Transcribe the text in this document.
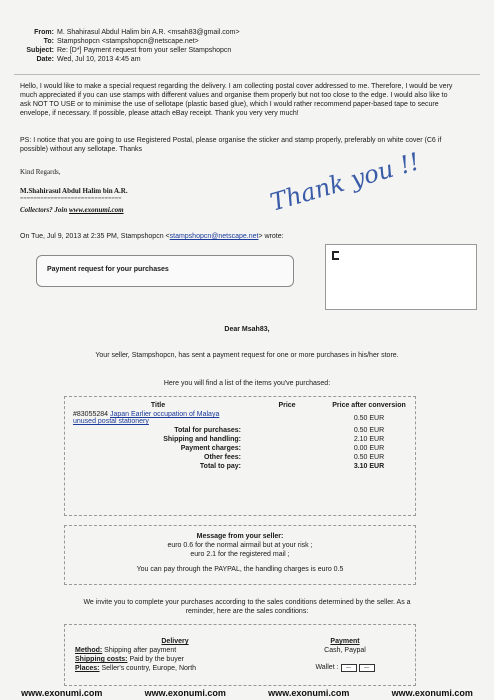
From: M. Shahirasul Abdul Halim bin A.R. <msah83@gmail.com>
To: Stampshopcn <stampshopcn@netscape.net>
Subject: Re: [D*] Payment request from your seller Stampshopcn
Date: Wed, Jul 10, 2013 4:45 am
Hello, I would like to make a special request regarding the delivery. I am collecting postal cover addressed to me. Therefore, I would be very much appreciated if you can use stamps with different values and organise them properly but not too close to the edge. I would also like to ask NOT TO USE or to minimise the use of sellotape (plastic based glue), which I would rather recommend paper-based tape to secure envelope, if necessary. If possible, please attach eBay receipt. Thank you very very much!
PS: I notice that you are going to use Registered Postal, please organise the sticker and stamp properly, preferably on white cover (C6 if possible) without any sellotape. Thanks
Kind Regards,
M.Shahirasul Abdul Halim bin A.R.
==============================
Collectors? Join www.exonumi.com	Thank you !!
On Tue, Jul 9, 2013 at 2:35 PM, Stampshopcn <stampshopcn@netscape.net> wrote:
Payment request for your purchases
Dear Msah83,
Your seller, Stampshopcn, has sent a payment request for one or more purchases in his/her store.
Here you will find a list of the items you've purchased:
Title	Price	Price after conversion
#83055284 Japan Earlier occupation of Malaya unused postal stationery		0.50 EUR
Total for purchases:		0.50 EUR
Shipping and handling:		2.10 EUR
Payment charges:		0.00 EUR
Other fees:		0.50 EUR
Total to pay:		3.10 EUR
Message from your seller:
euro 0.6 for the normal airmail but at your risk ;
euro 2.1 for the registered mail ;
You can pay through the PAYPAL, the handling charges is euro 0.5
We invite you to complete your purchases according to the sales conditions determined by the seller. As a reminder, here are the sales conditions:
Delivery
Method: Shipping after payment
Shipping costs: Paid by the buyer
Places: Seller's country, Europe, North
Payment
Cash, Paypal
Wallet : —	—
www.exonumi.com	www.exonumi.com	www.exonumi.com	www.exonumi.com
